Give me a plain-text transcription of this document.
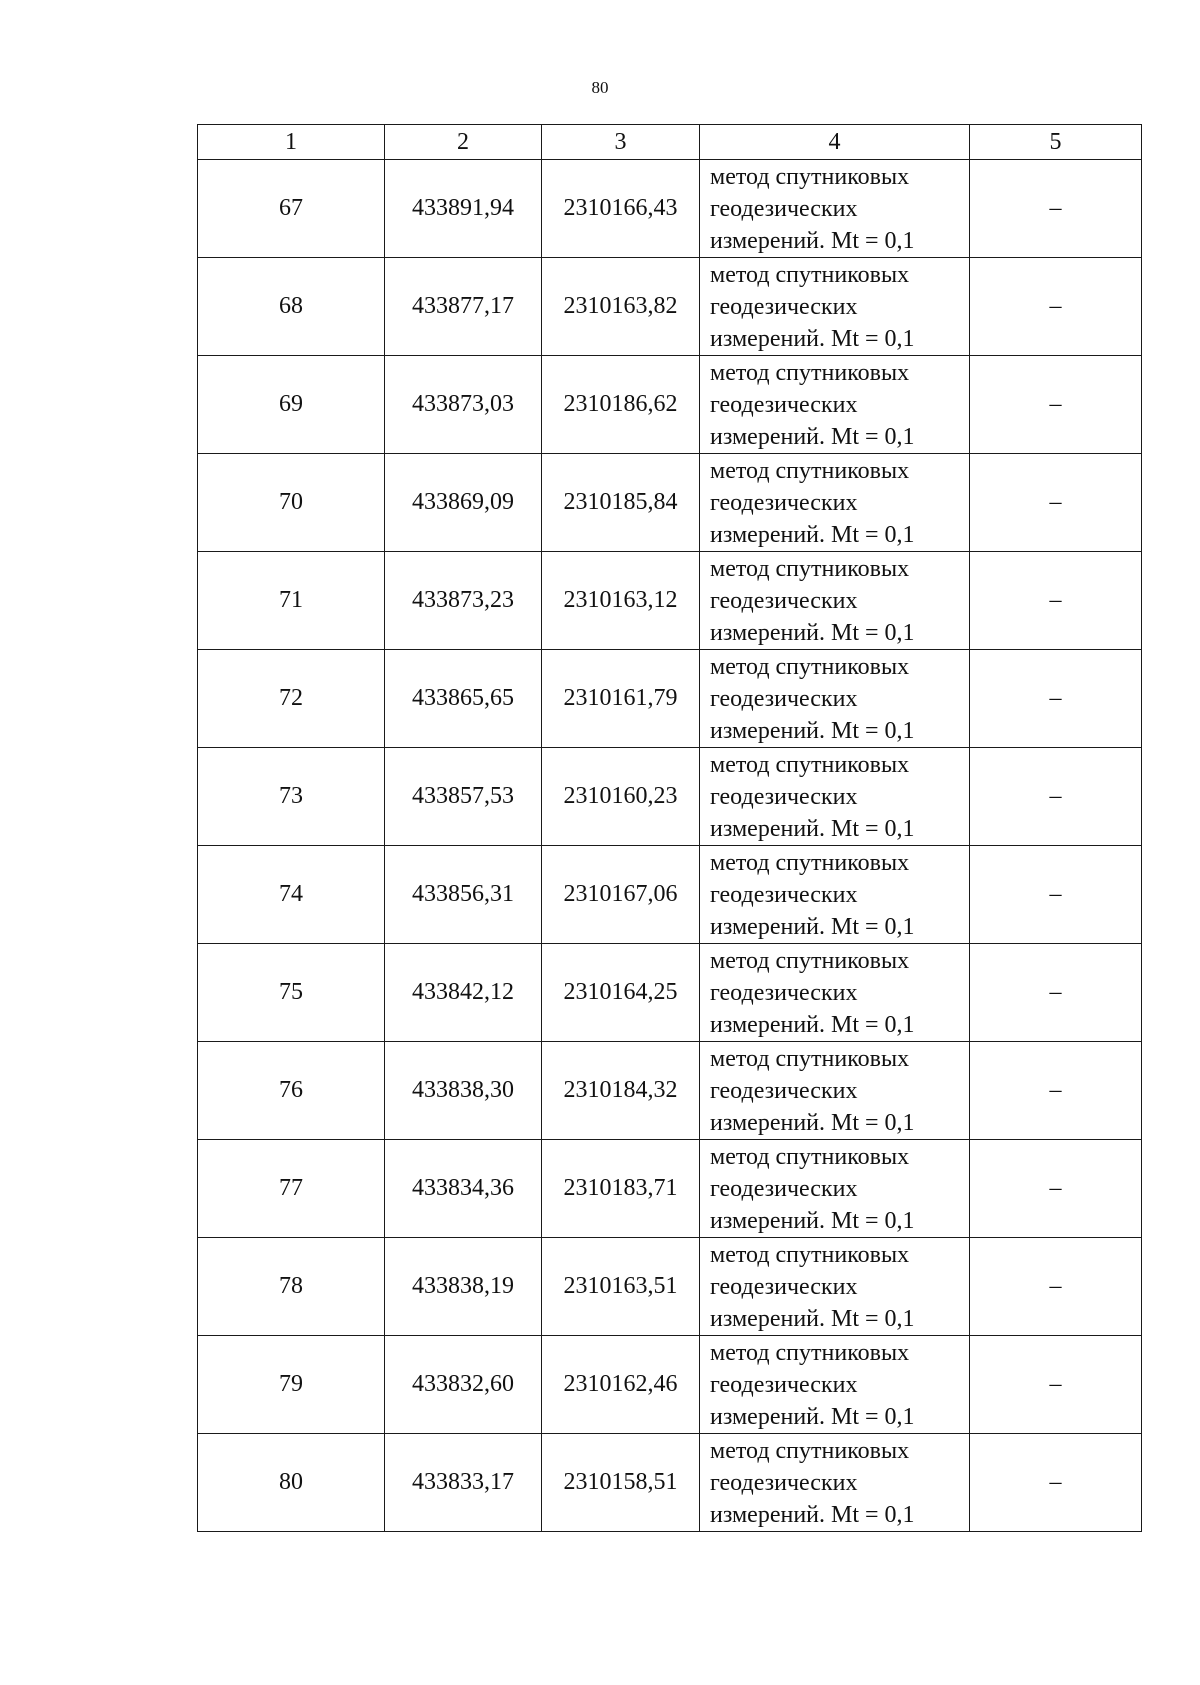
80
1	2	3	4	5
67	433891,94	2310166,43	метод спутниковых геодезических измерений. Mt = 0,1	–
68	433877,17	2310163,82	метод спутниковых геодезических измерений. Mt = 0,1	–
69	433873,03	2310186,62	метод спутниковых геодезических измерений. Mt = 0,1	–
70	433869,09	2310185,84	метод спутниковых геодезических измерений. Mt = 0,1	–
71	433873,23	2310163,12	метод спутниковых геодезических измерений. Mt = 0,1	–
72	433865,65	2310161,79	метод спутниковых геодезических измерений. Mt = 0,1	–
73	433857,53	2310160,23	метод спутниковых геодезических измерений. Mt = 0,1	–
74	433856,31	2310167,06	метод спутниковых геодезических измерений. Mt = 0,1	–
75	433842,12	2310164,25	метод спутниковых геодезических измерений. Mt = 0,1	–
76	433838,30	2310184,32	метод спутниковых геодезических измерений. Mt = 0,1	–
77	433834,36	2310183,71	метод спутниковых геодезических измерений. Mt = 0,1	–
78	433838,19	2310163,51	метод спутниковых геодезических измерений. Mt = 0,1	–
79	433832,60	2310162,46	метод спутниковых геодезических измерений. Mt = 0,1	–
80	433833,17	2310158,51	метод спутниковых геодезических измерений. Mt = 0,1	–
